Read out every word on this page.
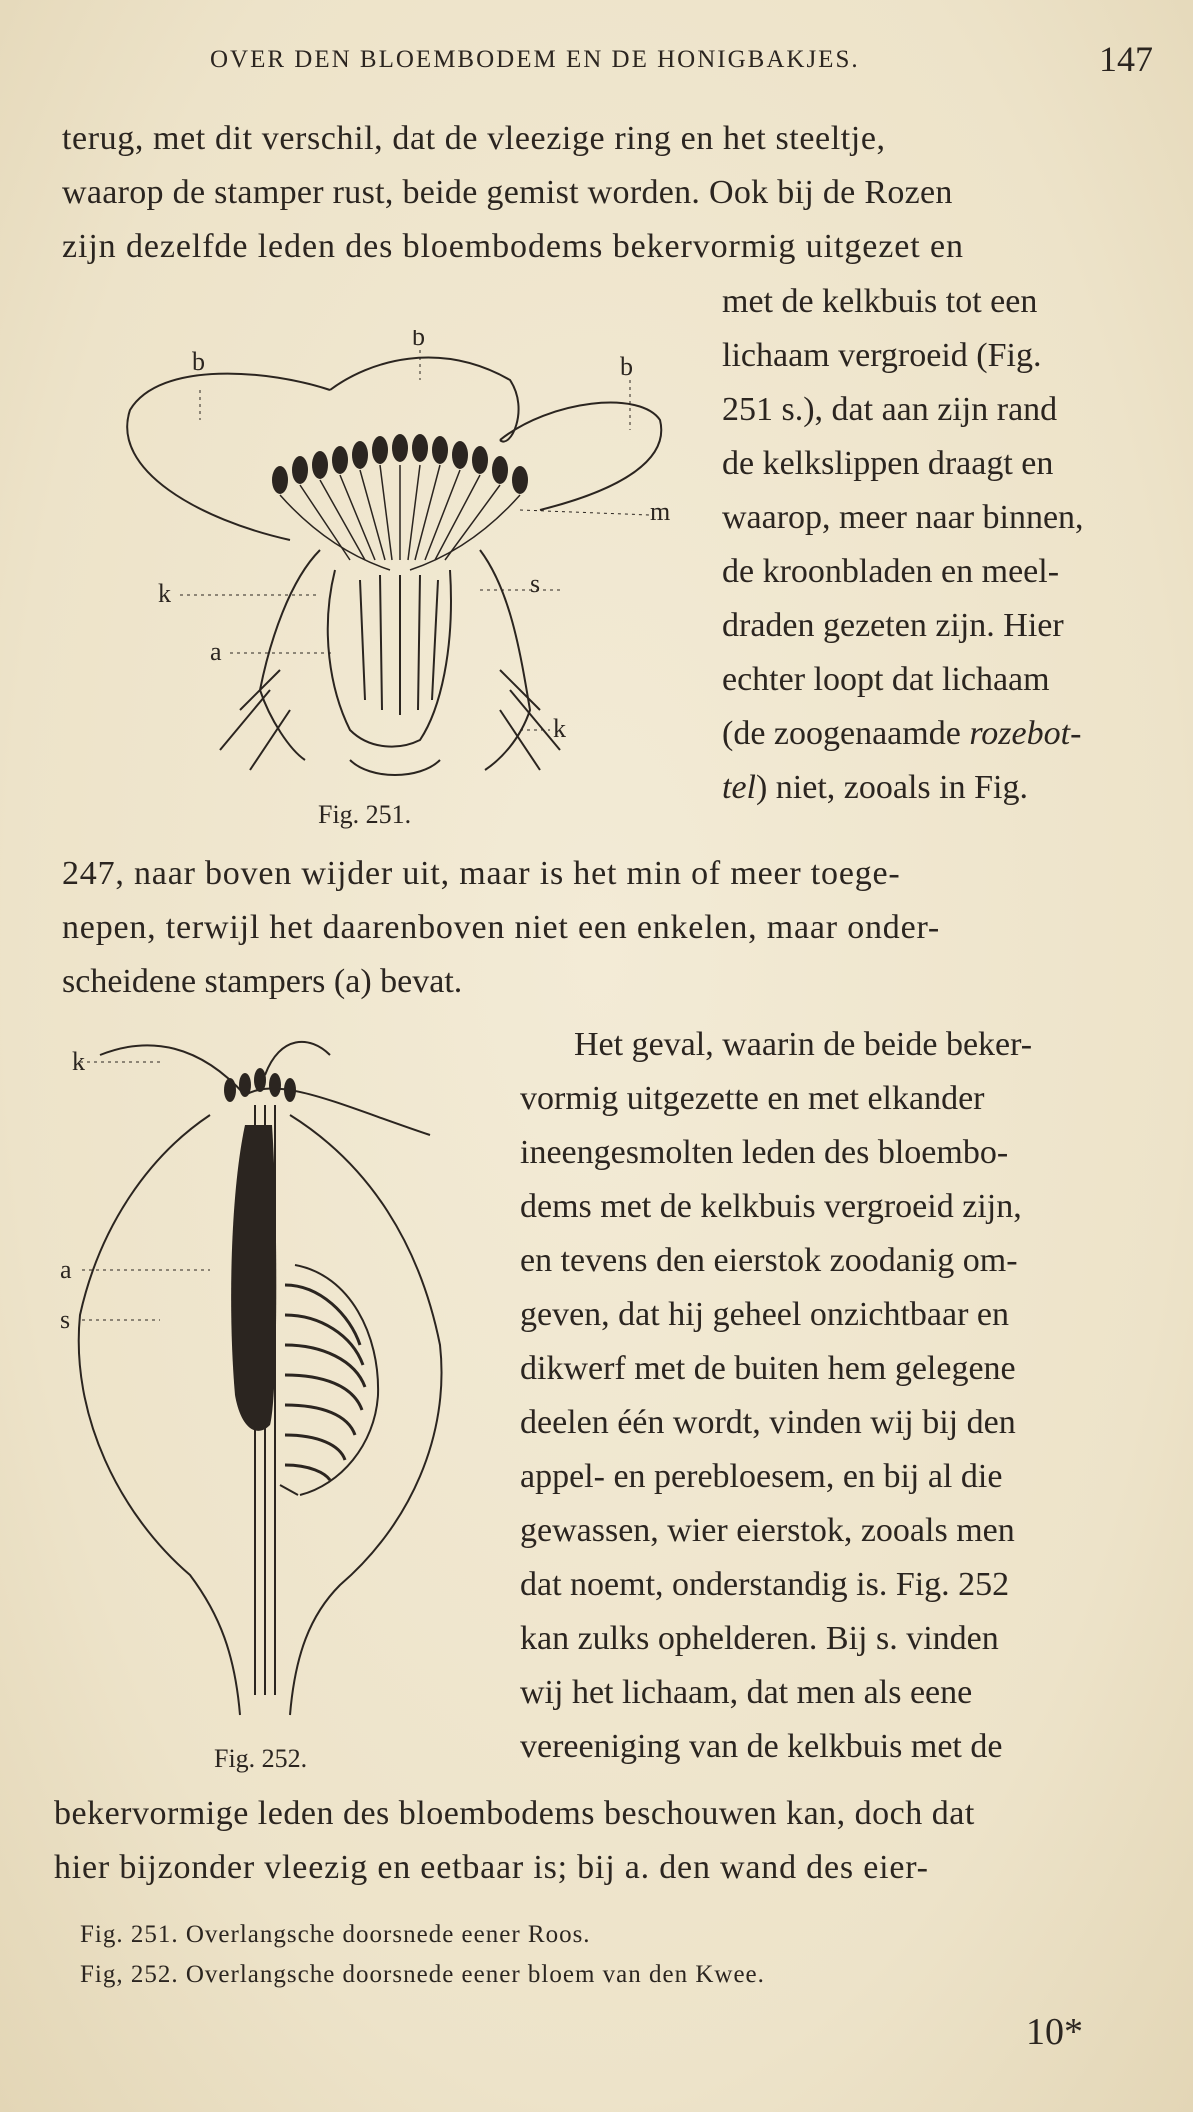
OVER DEN BLOEMBODEM EN DE HONIGBAKJES.	147
terug, met dit verschil, dat de vleezige ring en het steeltje,
waarop de stamper rust, beide gemist worden. Ook bij de Rozen
zijn dezelfde leden des bloembodems bekervormig uitgezet en
met de kelkbuis tot een
lichaam vergroeid (Fig.
251 s.), dat aan zijn rand
de kelkslippen draagt en
waarop, meer naar binnen,
de kroonbladen en meel-
draden gezeten zijn. Hier
echter loopt dat lichaam
(de zoogenaamde rozebot-
tel) niet, zooals in Fig.
b
b
b
m
k	s
a
k
Fig. 251.
247, naar boven wijder uit, maar is het min of meer toege-
nepen, terwijl het daarenboven niet een enkelen, maar onder-
scheidene stampers (a) bevat.
Het geval, waarin de beide beker-
vormig uitgezette en met elkander
ineengesmolten leden des bloembo-
dems met de kelkbuis vergroeid zijn,
en tevens den eierstok zoodanig om-
geven, dat hij geheel onzichtbaar en
dikwerf met de buiten hem gelegene
deelen één wordt, vinden wij bij den
appel- en perebloesem, en bij al die
gewassen, wier eierstok, zooals men
dat noemt, onderstandig is. Fig. 252
kan zulks ophelderen. Bij s. vinden
wij het lichaam, dat men als eene
vereeniging van de kelkbuis met de
k
a
s
Fig. 252.
bekervormige leden des bloembodems beschouwen kan, doch dat
hier bijzonder vleezig en eetbaar is; bij a. den wand des eier-
Fig. 251. Overlangsche doorsnede eener Roos.
Fig, 252. Overlangsche doorsnede eener bloem van den Kwee.
10*
